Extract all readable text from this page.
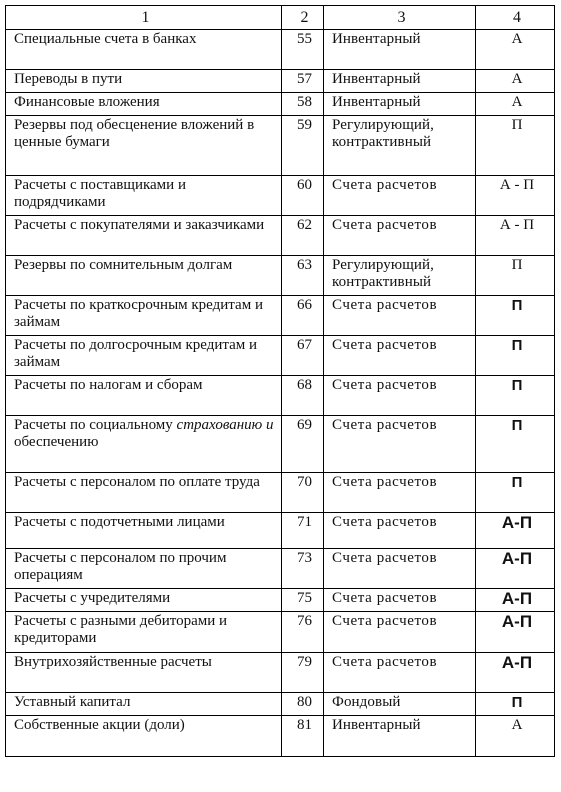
1	2	3	4
Специальные счета в банках	55	Инвентарный	А
Переводы в пути	57	Инвентарный	А
Финансовые вложения	58	Инвентарный	А
Резервы под обесценение вложений в ценные бумаги	59	Регулирующий, контрактивный	П
Расчеты с поставщиками и подрядчиками	60	Счета расчетов	А - П
Расчеты с покупателями и заказчиками	62	Счета расчетов	А - П
Резервы по сомнительным долгам	63	Регулирующий, контрактивный	П
Расчеты по краткосрочным кредитам и займам	66	Счета расчетов	П
Расчеты по долгосрочным кредитам и займам	67	Счета расчетов	П
Расчеты по налогам и сборам	68	Счета расчетов	П
Расчеты по социальному страхованию и обеспечению	69	Счета расчетов	П
Расчеты с персоналом по оплате труда	70	Счета расчетов	П
Расчеты с подотчетными лицами	71	Счета расчетов	А-П
Расчеты с персоналом по прочим операциям	73	Счета расчетов	А-П
Расчеты с учредителями	75	Счета расчетов	А-П
Расчеты с разными дебиторами и кредиторами	76	Счета расчетов	А-П
Внутрихозяйственные расчеты	79	Счета расчетов	А-П
Уставный капитал	80	Фондовый	П
Собственные акции (доли)	81	Инвентарный	А
